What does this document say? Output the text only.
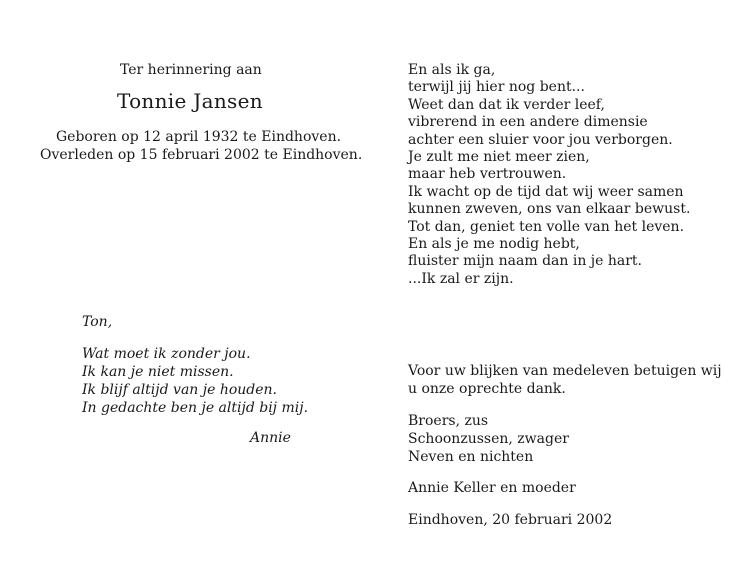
Ter herinnering aan
Tonnie Jansen
Geboren op 12 april 1932 te Eindhoven.
Overleden op 15 februari 2002 te Eindhoven.
En als ik ga,
terwijl jij hier nog bent...
Weet dan dat ik verder leef,
vibrerend in een andere dimensie
achter een sluier voor jou verborgen.
Je zult me niet meer zien,
maar heb vertrouwen.
Ik wacht op de tijd dat wij weer samen
kunnen zweven, ons van elkaar bewust.
Tot dan, geniet ten volle van het leven.
En als je me nodig hebt,
fluister mijn naam dan in je hart.
...Ik zal er zijn.
Ton,
Wat moet ik zonder jou.
Ik kan je niet missen.
Ik blijf altijd van je houden.
In gedachte ben je altijd bij mij.
Annie
Voor uw blijken van medeleven betuigen wij
u onze oprechte dank.
Broers, zus
Schoonzussen, zwager
Neven en nichten
Annie Keller en moeder
Eindhoven, 20 februari 2002
